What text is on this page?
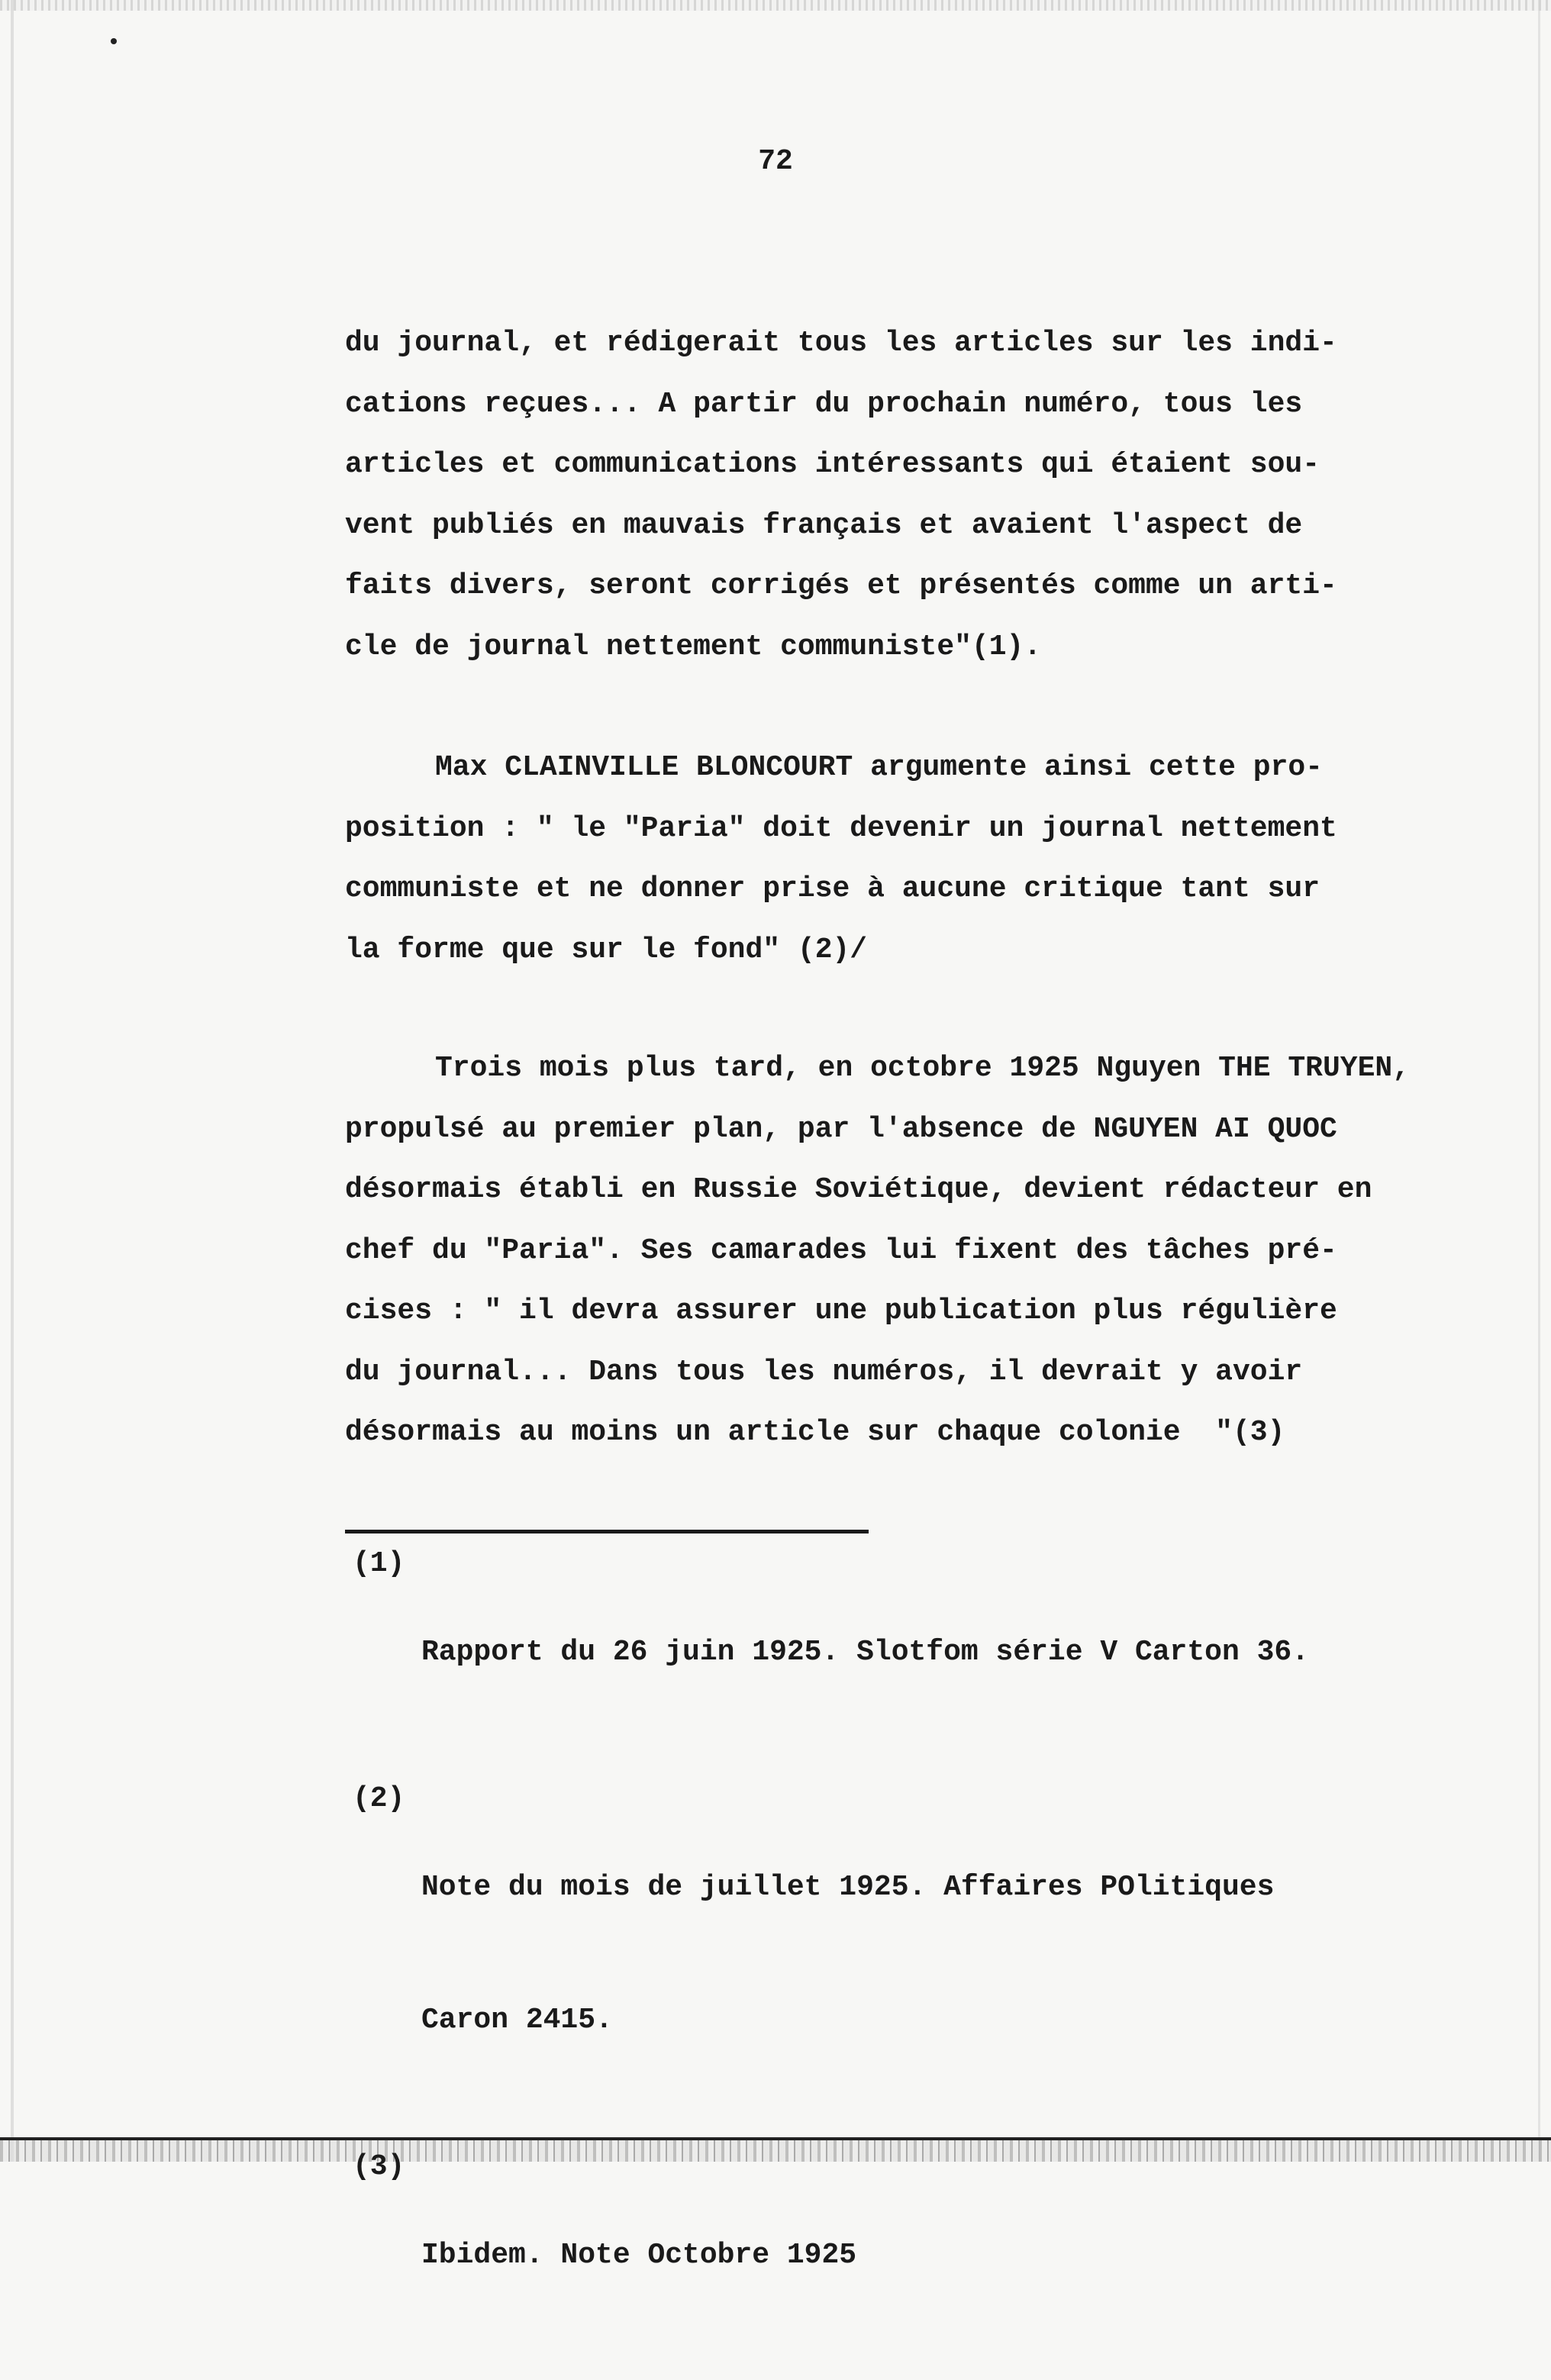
72
du journal, et rédigerait tous les articles sur les indi-
cations reçues... A partir du prochain numéro, tous les
articles et communications intéressants qui étaient sou-
vent publiés en mauvais français et avaient l'aspect de
faits divers, seront corrigés et présentés comme un arti-
cle de journal nettement communiste"(1).
Max CLAINVILLE BLONCOURT argumente ainsi cette pro-
position : " le "Paria" doit devenir un journal nettement
communiste et ne donner prise à aucune critique tant sur
la forme que sur le fond" (2)/
Trois mois plus tard, en octobre 1925 Nguyen THE TRUYEN,
propulsé au premier plan, par l'absence de NGUYEN AI QUOC
désormais établi en Russie Soviétique, devient rédacteur en
chef du "Paria". Ses camarades lui fixent des tâches pré-
cises : " il devra assurer une publication plus régulière
du journal... Dans tous les numéros, il devrait y avoir
désormais au moins un article sur chaque colonie  "(3)
(1)

Rapport du 26 juin 1925. Slotfom série V Carton 36.

(2)

Note du mois de juillet 1925. Affaires POlitiques

Caron 2415.

(3)

Ibidem. Note Octobre 1925
